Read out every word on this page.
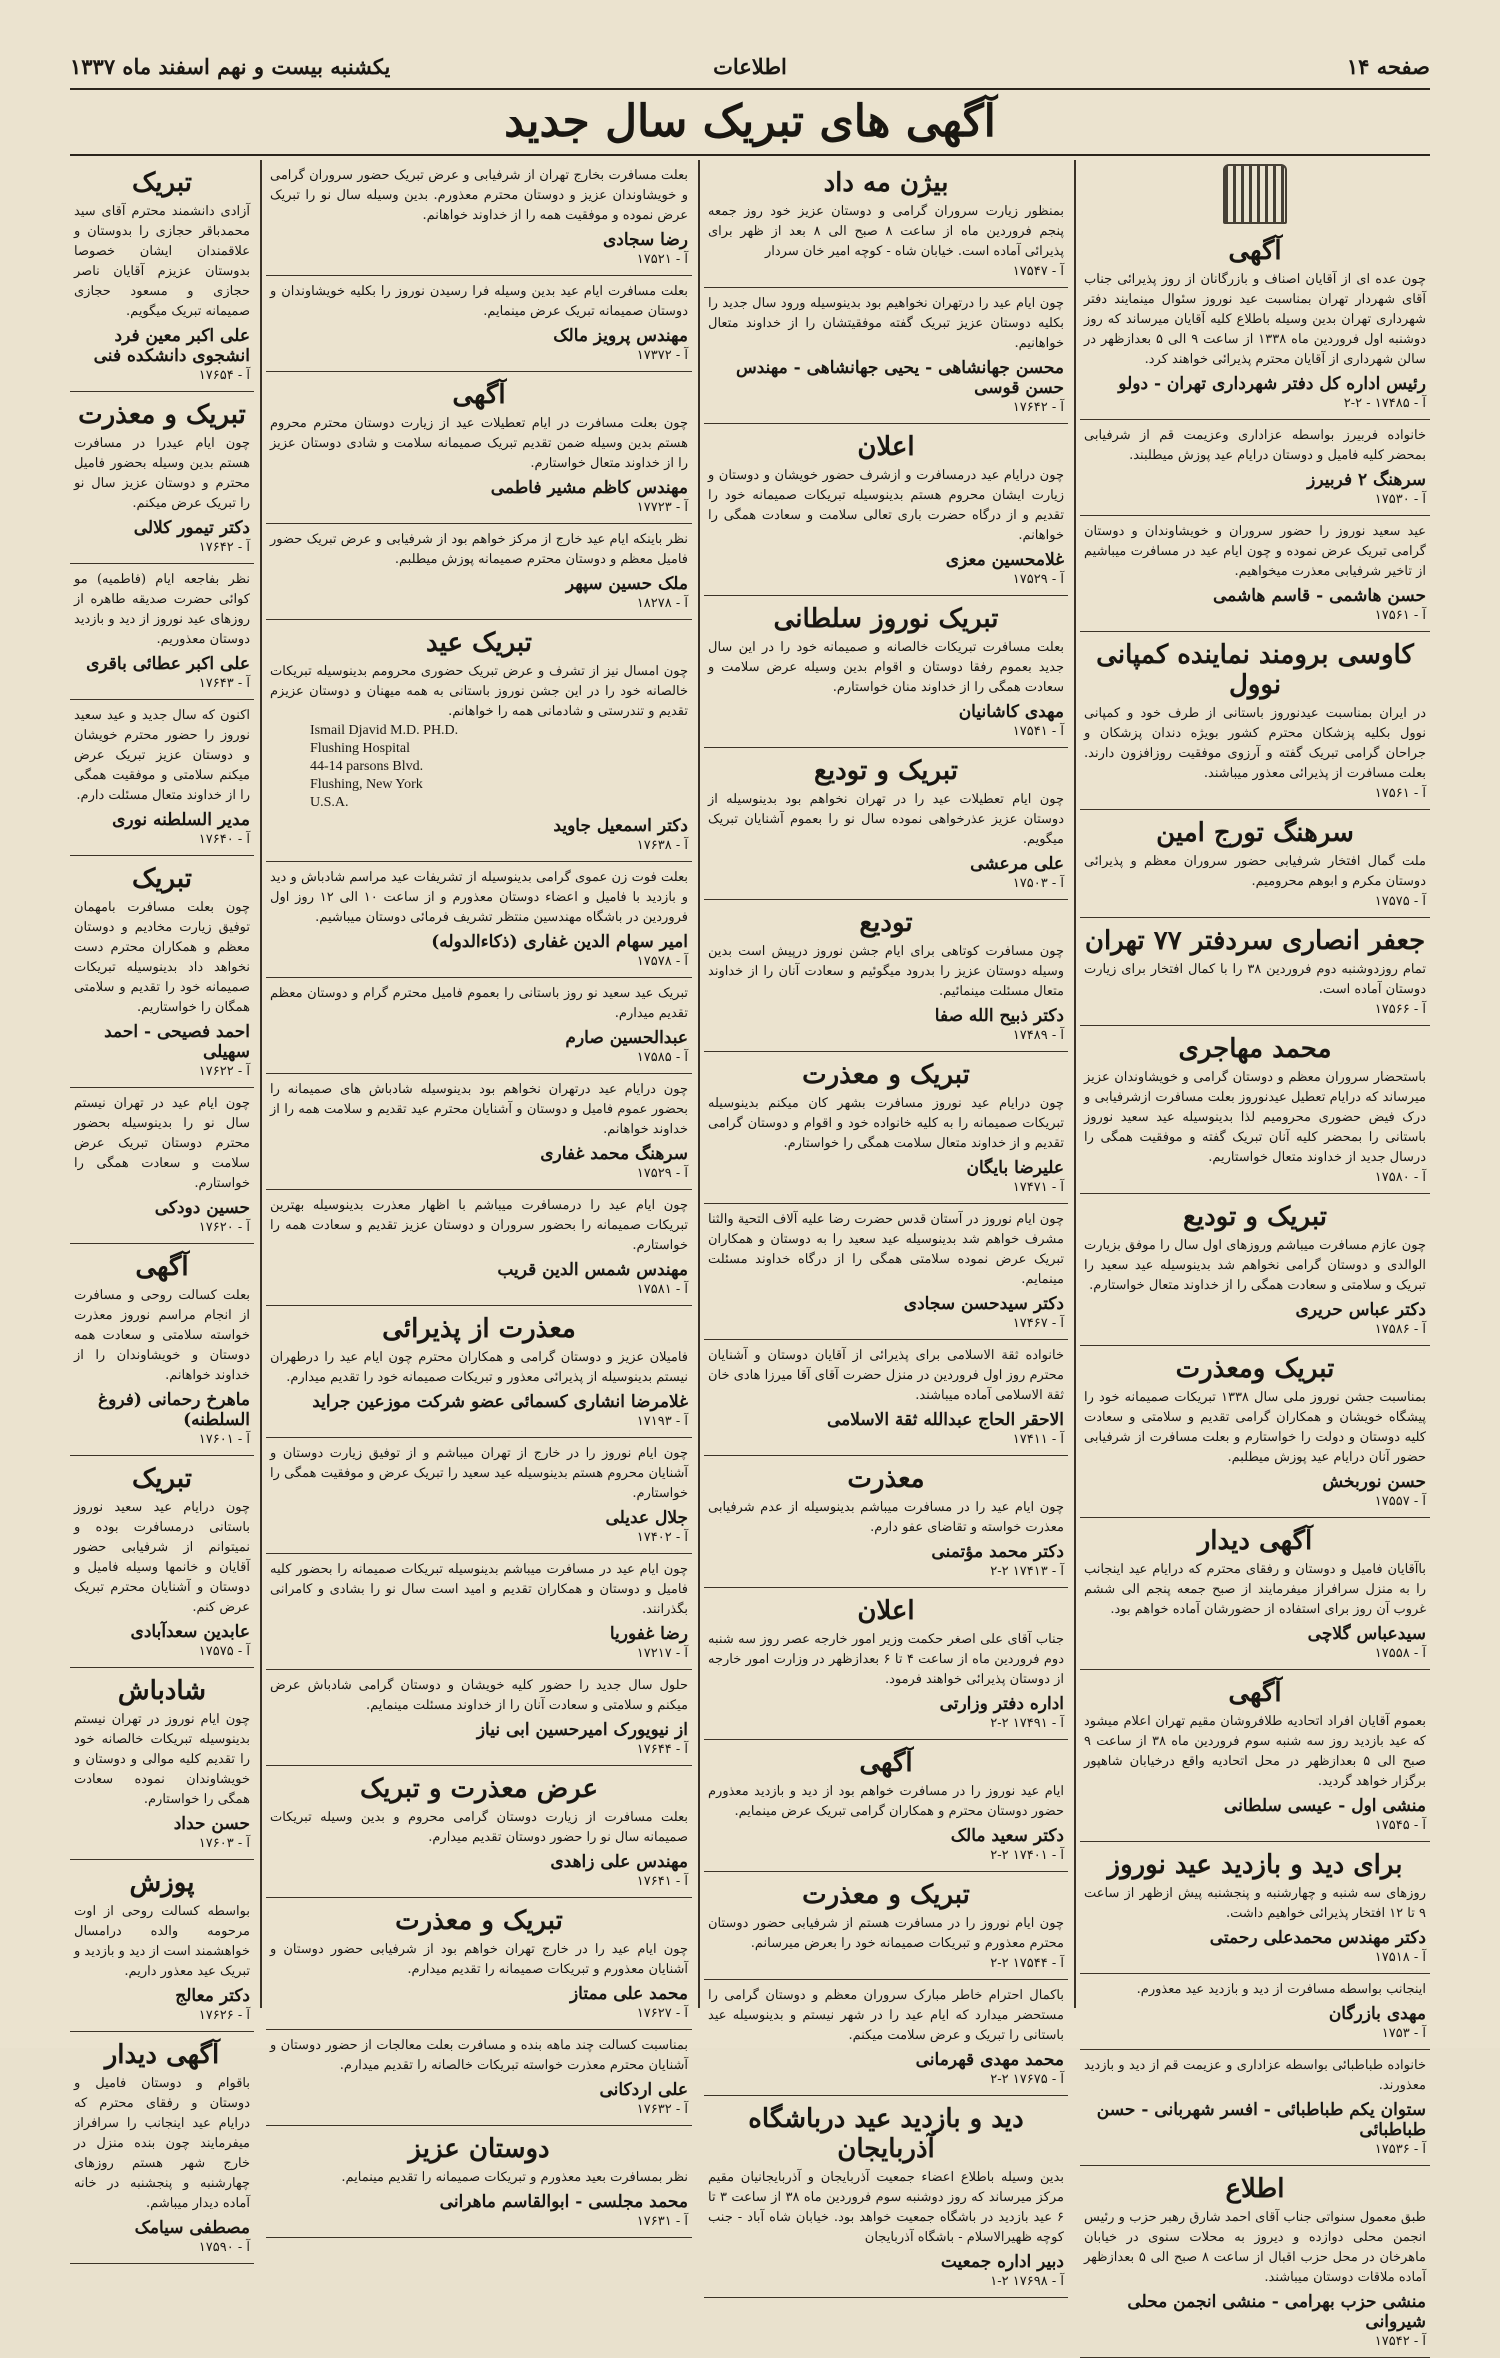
صفحه ۱۴
اطلاعات
یکشنبه بیست و نهم اسفند ماه ۱۳۳۷
آگهی های تبریک سال جدید
آگهی

چون عده ای از آقایان اصناف و بازرگانان از روز پذیرائی جناب آقای شهردار تهران بمناسبت عید نوروز سئوال مینمایند دفتر شهرداری تهران بدین وسیله باطلاع کلیه آقایان میرساند که روز دوشنبه اول فروردین ماه ۱۳۳۸ از ساعت ۹ الی ۵ بعدازظهر در سالن شهرداری از آقایان محترم پذیرائی خواهند کرد.

رئیس اداره کل دفتر شهرداری تهران - دولو
آ - ۱۷۴۸۵ - ۲-۲

خانواده فربیرز بواسطه عزاداری وعزیمت قم از شرفیابی بمحضر کلیه فامیل و دوستان درایام عید پوزش میطلبند.

سرهنگ ۲ فربیرز
آ - ۱۷۵۳۰

عید سعید نوروز را حضور سروران و خویشاوندان و دوستان گرامی تبریک عرض نموده و چون ایام عید در مسافرت میباشیم از تاخیر شرفیابی معذرت میخواهیم.

حسن هاشمی - قاسم هاشمی
آ - ۱۷۵۶۱
کاوسی برومند نماینده کمپانی نوول

در ایران بمناسبت عیدنوروز باستانی از طرف خود و کمپانی نوول بکلیه پزشکان محترم کشور بویژه دندان پزشکان و جراحان گرامی تبریک گفته و آرزوی موفقیت روزافزون دارند. بعلت مسافرت از پذیرائی معذور میباشند.

آ - ۱۷۵۶۱
سرهنگ تورج امین

ملت گمال افتخار شرفیابی حضور سروران معظم و پذیرائی دوستان مکرم و ابوهم محرومیم.

آ - ۱۷۵۷۵
جعفر انصاری سردفتر ۷۷ تهران

تمام روزدوشنبه دوم فروردین ۳۸ را با کمال افتخار برای زیارت دوستان آماده است.

آ - ۱۷۵۶۶
محمد مهاجری

باستحضار سروران معظم و دوستان گرامی و خویشاوندان عزیز میرساند که درایام تعطیل عیدنوروز بعلت مسافرت ازشرفیابی و درک فیض حضوری محرومیم لذا بدینوسیله عید سعید نوروز باستانی را بمحضر کلیه آنان تبریک گفته و موفقیت همگی را درسال جدید از خداوند متعال خواستاریم.

آ - ۱۷۵۸۰
تبریک و تودیع

چون عازم مسافرت میباشم وروزهای اول سال را موفق بزیارت الوالدی و دوستان گرامی نخواهم شد بدینوسیله عید سعید را تبریک و سلامتی و سعادت همگی را از خداوند متعال خواستارم.

دکتر عباس حریری
آ - ۱۷۵۸۶
تبریک ومعذرت

بمناسبت جشن نوروز ملی سال ۱۳۳۸ تبریکات صمیمانه خود را پیشگاه خویشان و همکاران گرامی تقدیم و سلامتی و سعادت کلیه دوستان و دولت را خواستارم و بعلت مسافرت از شرفیابی حضور آنان درایام عید پوزش میطلبم.

حسن نوربخش
آ - ۱۷۵۵۷
آگهی دیدار

باآقایان فامیل و دوستان و رفقای محترم که درایام عید اینجانب را به منزل سرافراز میفرمایند از صبح جمعه پنجم الی ششم غروب آن روز برای استفاده از حضورشان آماده خواهم بود.

سیدعباس گلاچی
آ - ۱۷۵۵۸
آگهی

بعموم آقایان افراد اتحادیه طلافروشان مقیم تهران اعلام میشود که عید بازدید روز سه شنبه سوم فروردین ماه ۳۸ از ساعت ۹ صبح الی ۵ بعدازظهر در محل اتحادیه واقع درخیابان شاهپور برگزار خواهد گردید.

منشی اول - عیسی سلطانی
آ - ۱۷۵۴۵
برای دید و بازدید عید نوروز

روزهای سه شنبه و چهارشنبه و پنجشنبه پیش ازظهر از ساعت ۹ تا ۱۲ افتخار پذیرائی خواهیم داشت.

دکتر مهندس محمدعلی رحمتی
آ - ۱۷۵۱۸

اینجانب بواسطه مسافرت از دید و بازدید عید معذورم.

مهدی بازرگان
آ - ۱۷۵۳

خانواده طباطبائی بواسطه عزاداری و عزیمت قم از دید و بازدید معذورند.

ستوان یکم طباطبائی - افسر شهربانی - حسن طباطبائی
آ - ۱۷۵۳۶
اطلاع

طبق معمول سنواتی جناب آقای احمد شارق رهبر حزب و رئیس انجمن محلی دوازده و دیروز به محلات سنوی در خیابان ماهرخان در محل حزب اقبال از ساعت ۸ صبح الی ۵ بعدازظهر آماده ملاقات دوستان میباشند.

منشی حزب بهرامی - منشی انجمن محلی شیروانی
آ - ۱۷۵۴۲
بیژن مه داد

بمنظور زیارت سروران گرامی و دوستان عزیز خود روز جمعه پنجم فروردین ماه از ساعت ۸ صبح الی ۸ بعد از ظهر برای پذیرائی آماده است. خیابان شاه - کوچه امیر خان سردار

آ - ۱۷۵۴۷

چون ایام عید را درتهران نخواهیم بود بدینوسیله ورود سال جدید را بکلیه دوستان عزیز تبریک گفته موفقیتشان را از خداوند متعال خواهانیم.

محسن جهانشاهی - یحیی جهانشاهی - مهندس حسن قوسی
آ - ۱۷۶۴۲
اعلان

چون درایام عید درمسافرت و ازشرف حضور خویشان و دوستان و زیارت ایشان محروم هستم بدینوسیله تبریکات صمیمانه خود را تقدیم و از درگاه حضرت باری تعالی سلامت و سعادت همگی را خواهانم.

غلامحسین معزی
آ - ۱۷۵۲۹
تبریک نوروز سلطانی

بعلت مسافرت تبریکات خالصانه و صمیمانه خود را در این سال جدید بعموم رفقا دوستان و اقوام بدین وسیله عرض سلامت و سعادت همگی را از خداوند منان خواستارم.

مهدی کاشانیان
آ - ۱۷۵۴۱
تبریک و تودیع

چون ایام تعطیلات عید را در تهران نخواهم بود بدینوسیله از دوستان عزیز عذرخواهی نموده سال نو را بعموم آشنایان تبریک میگویم.

علی مرعشی
آ - ۱۷۵۰۳
تودیع

چون مسافرت کوتاهی برای ایام جشن نوروز درپیش است بدین وسیله دوستان عزیز را بدرود میگوئیم و سعادت آنان را از خداوند متعال مسئلت مینمائیم.

دکتر ذبیح الله صفا
آ - ۱۷۴۸۹
تبریک و معذرت

چون درایام عید نوروز مسافرت بشهر کان میکنم بدینوسیله تبریکات صمیمانه را به کلیه خانواده خود و اقوام و دوستان گرامی تقدیم و از خداوند متعال سلامت همگی را خواستارم.

علیرضا بایگان
آ - ۱۷۴۷۱

چون ایام نوروز در آستان قدس حضرت رضا علیه آلاف التحیة والثنا مشرف خواهم شد بدینوسیله عید سعید را به دوستان و همکاران تبریک عرض نموده سلامتی همگی را از درگاه خداوند مسئلت مینمایم.

دکتر سیدحسن سجادی
آ - ۱۷۴۶۷

خانواده ثقة الاسلامی برای پذیرائی از آقایان دوستان و آشنایان محترم روز اول فروردین در منزل حضرت آقای آقا میرزا هادی خان ثقة الاسلامی آماده میباشند.

الاحقر الحاج عبدالله ثقة الاسلامی
آ - ۱۷۴۱۱
معذرت

چون ایام عید را در مسافرت میباشم بدینوسیله از عدم شرفیابی معذرت خواسته و تقاضای عفو دارم.

دکتر محمد مؤتمنی
آ - ۱۷۴۱۳ ۲-۲
اعلان

جناب آقای علی اصغر حکمت وزیر امور خارجه عصر روز سه شنبه دوم فروردین ماه از ساعت ۴ تا ۶ بعدازظهر در وزارت امور خارجه از دوستان پذیرائی خواهند فرمود.

اداره دفتر وزارتی
آ - ۱۷۴۹۱ ۲-۲
آگهی

ایام عید نوروز را در مسافرت خواهم بود از دید و بازدید معذورم حضور دوستان محترم و همکاران گرامی تبریک عرض مینمایم.

دکتر سعید مالک
آ - ۱۷۴۰۱ ۲-۲
تبریک و معذرت

چون ایام نوروز را در مسافرت هستم از شرفیابی حضور دوستان محترم معذورم و تبریکات صمیمانه خود را بعرض میرسانم.

آ - ۱۷۵۴۴ ۲-۲

باکمال احترام خاطر مبارک سروران معظم و دوستان گرامی را مستحضر میدارد که ایام عید را در شهر نیستم و بدینوسیله عید باستانی را تبریک و عرض سلامت میکنم.

محمد مهدی قهرمانی
آ - ۱۷۶۷۵ ۲-۲
دید و بازدید عید درباشگاه آذربایجان

بدین وسیله باطلاع اعضاء جمعیت آذربایجان و آذربایجانیان مقیم مرکز میرساند که روز دوشنبه سوم فروردین ماه ۳۸ از ساعت ۳ تا ۶ عید بازدید در باشگاه جمعیت خواهد بود. خیابان شاه آباد - جنب کوچه ظهیرالاسلام - باشگاه آذربایجان

دبیر اداره جمعیت
آ - ۱۷۶۹۸ ۲-۱

بعلت مسافرت بخارج تهران از شرفیابی و عرض تبریک حضور سروران گرامی و خویشاوندان عزیز و دوستان محترم معذورم. بدین وسیله سال نو را تبریک عرض نموده و موفقیت همه را از خداوند خواهانم.

رضا سجادی
آ - ۱۷۵۲۱

بعلت مسافرت ایام عید بدین وسیله فرا رسیدن نوروز را بکلیه خویشاوندان و دوستان صمیمانه تبریک عرض مینمایم.

مهندس پرویز مالک
آ - ۱۷۳۷۲
آگهی

چون بعلت مسافرت در ایام تعطیلات عید از زیارت دوستان محترم محروم هستم بدین وسیله ضمن تقدیم تبریک صمیمانه سلامت و شادی دوستان عزیز را از خداوند متعال خواستارم.

مهندس کاظم مشیر فاطمی
آ - ۱۷۷۲۳

نظر باینکه ایام عید خارج از مرکز خواهم بود از شرفیابی و عرض تبریک حضور فامیل معظم و دوستان محترم صمیمانه پوزش میطلبم.

ملک حسین سپهر
آ - ۱۸۲۷۸
تبریک عید

چون امسال نیز از تشرف و عرض تبریک حضوری محرومم بدینوسیله تبریکات خالصانه خود را در این جشن نوروز باستانی به همه میهنان و دوستان عزیزم تقدیم و تندرستی و شادمانی همه را خواهانم.

Ismail Djavid M.D. PH.D.
Flushing Hospital
44-14 parsons Blvd.
Flushing, New York
U.S.A.
دکتر اسمعیل جاوید
آ - ۱۷۶۳۸

بعلت فوت زن عموی گرامی بدینوسیله از تشریفات عید مراسم شادباش و دید و بازدید با فامیل و اعضاء دوستان معذورم و از ساعت ۱۰ الی ۱۲ روز اول فروردین در باشگاه مهندسین منتظر تشریف فرمائی دوستان میباشیم.

امیر سهام الدین غفاری (ذکاءالدوله)
آ - ۱۷۵۷۸

تبریک عید سعید نو روز باستانی را بعموم فامیل محترم گرام و دوستان معظم تقدیم میدارم.

عبدالحسین صارم
آ - ۱۷۵۸۵

چون درایام عید درتهران نخواهم بود بدینوسیله شادباش های صمیمانه را بحضور عموم فامیل و دوستان و آشنایان محترم عید تقدیم و سلامت همه را از خداوند خواهانم.

سرهنگ محمد غفاری
آ - ۱۷۵۲۹

چون ایام عید را درمسافرت میباشم با اظهار معذرت بدینوسیله بهترین تبریکات صمیمانه را بحضور سروران و دوستان عزیز تقدیم و سعادت همه را خواستارم.

مهندس شمس الدین قریب
آ - ۱۷۵۸۱
معذرت از پذیرائی

فامیلان عزیز و دوستان گرامی و همکاران محترم چون ایام عید را درطهران نیستم بدینوسیله از پذیرائی معذور و تبریکات صمیمانه خود را تقدیم میدارم.

غلامرضا انشاری کسمائی عضو شرکت موزعین جراید
آ - ۱۷۱۹۳

چون ایام نوروز را در خارج از تهران میباشم و از توفیق زیارت دوستان و آشنایان محروم هستم بدینوسیله عید سعید را تبریک عرض و موفقیت همگی را خواستارم.

جلال عدیلی
آ - ۱۷۴۰۲

چون ایام عید در مسافرت میباشم بدینوسیله تبریکات صمیمانه را بحضور کلیه فامیل و دوستان و همکاران تقدیم و امید است سال نو را بشادی و کامرانی بگذرانند.

رضا غفوریا
آ - ۱۷۲۱۷

حلول سال جدید را حضور کلیه خویشان و دوستان گرامی شادباش عرض میکنم و سلامتی و سعادت آنان را از خداوند مسئلت مینمایم.

از نیویورک امیرحسین ابی نیاز
آ - ۱۷۶۴۴
عرض معذرت و تبریک

بعلت مسافرت از زیارت دوستان گرامی محروم و بدین وسیله تبریکات صمیمانه سال نو را حضور دوستان تقدیم میدارم.

مهندس علی زاهدی
آ - ۱۷۶۴۱
تبریک و معذرت

چون ایام عید را در خارج تهران خواهم بود از شرفیابی حضور دوستان و آشنایان معذورم و تبریکات صمیمانه را تقدیم میدارم.

محمد علی ممتاز
آ - ۱۷۶۲۷

بمناسبت کسالت چند ماهه بنده و مسافرت بعلت معالجات از حضور دوستان و آشنایان محترم معذرت خواسته تبریکات خالصانه را تقدیم میدارم.

علی اردکانی
آ - ۱۷۶۳۲
دوستان عزیز

نظر بمسافرت بعید معذورم و تبریکات صمیمانه را تقدیم مینمایم.

محمد مجلسی - ابوالقاسم ماهرانی
آ - ۱۷۶۳۱
تبریک

آزادی دانشمند محترم آقای سید محمدباقر حجازی را بدوستان و علاقمندان ایشان خصوصا بدوستان عزیزم آقایان ناصر حجازی و مسعود حجازی صمیمانه تبریک میگویم.

علی اکبر معین فرد انشجوی دانشکده فنی
آ - ۱۷۶۵۴
تبریک و معذرت

چون ایام عیدرا در مسافرت هستم بدین وسیله بحضور فامیل محترم و دوستان عزیز سال نو را تبریک عرض میکنم.

دکتر تیمور کلالی
آ - ۱۷۶۴۲

نظر بفاجعه ایام (فاطمیه) مو کوائی حضرت صدیقه طاهره از روزهای عید نوروز از دید و بازدید دوستان معذوریم.

علی اکبر عطائی باقری
آ - ۱۷۶۴۳

اکنون که سال جدید و عید سعید نوروز را حضور محترم خویشان و دوستان عزیز تبریک عرض میکنم سلامتی و موفقیت همگی را از خداوند متعال مسئلت دارم.

مدیر السلطنه نوری
آ - ۱۷۶۴۰
تبریک

چون بعلت مسافرت بامهمان توفیق زیارت مخادیم و دوستان معظم و همکاران محترم دست نخواهد داد بدینوسیله تبریکات صمیمانه خود را تقدیم و سلامتی همگان را خواستاریم.

احمد فصیحی - احمد سهیلی
آ - ۱۷۶۲۲

چون ایام عید در تهران نیستم سال نو را بدینوسیله بحضور محترم دوستان تبریک عرض سلامت و سعادت همگی را خواستارم.

حسین دودکی
آ - ۱۷۶۲۰
آگهی

بعلت کسالت روحی و مسافرت از انجام مراسم نوروز معذرت خواسته سلامتی و سعادت همه دوستان و خویشاوندان را از خداوند خواهانم.

ماهرخ رحمانی (فروغ السلطنه)
آ - ۱۷۶۰۱
تبریک

چون درایام عید سعید نوروز باستانی درمسافرت بوده و نمیتوانم از شرفیابی حضور آقایان و خانمها وسیله فامیل و دوستان و آشنایان محترم تبریک عرض کنم.

عابدین سعدآبادی
آ - ۱۷۵۷۵
شادباش

چون ایام نوروز در تهران نیستم بدینوسیله تبریکات خالصانه خود را تقدیم کلیه موالی و دوستان و خویشاوندان نموده سعادت همگی را خواستارم.

حسن حداد
آ - ۱۷۶۰۳
پوزش

بواسطه کسالت روحی از اوت مرحومه والده درامسال خواهشمند است از دید و بازدید و تبریک عید معذور داریم.

دکتر معالج
آ - ۱۷۶۲۶
آگهی دیدار

باقوام و دوستان فامیل و دوستان و رفقای محترم که درایام عید اینجانب را سرافراز میفرمایند چون بنده منزل در خارج شهر هستم روزهای چهارشنبه و پنجشنبه در خانه آماده دیدار میباشم.

مصطفی سیامک
آ - ۱۷۵۹۰
